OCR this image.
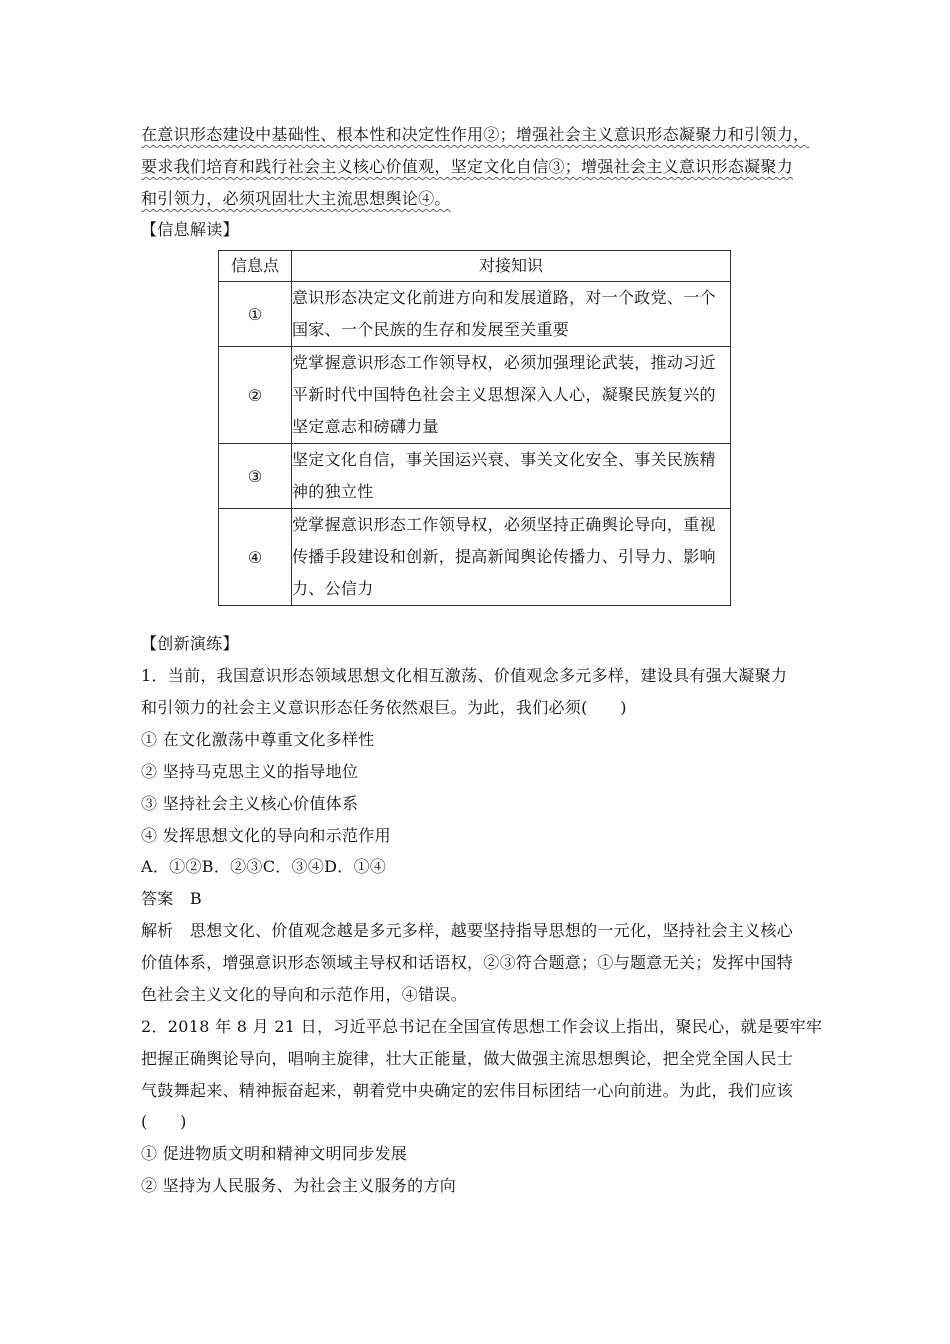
在意识形态建设中基础性、根本性和决定性作用②；增强社会主义意识形态凝聚力和引领力，
要求我们培育和践行社会主义核心价值观，坚定文化自信③；增强社会主义意识形态凝聚力
和引领力，必须巩固壮大主流思想舆论④。
【信息解读】
信息点	对接知识
①	意识形态决定文化前进方向和发展道路，对一个政党、一个国家、一个民族的生存和发展至关重要
②	党掌握意识形态工作领导权，必须加强理论武装，推动习近平新时代中国特色社会主义思想深入人心，凝聚民族复兴的坚定意志和磅礴力量
③	坚定文化自信，事关国运兴衰、事关文化安全、事关民族精神的独立性
④	党掌握意识形态工作领导权，必须坚持正确舆论导向，重视传播手段建设和创新，提高新闻舆论传播力、引导力、影响力、公信力
【创新演练】
1．当前，我国意识形态领域思想文化相互激荡、价值观念多元多样，建设具有强大凝聚力
和引领力的社会主义意识形态任务依然艰巨。为此，我们必须(　　)
① 在文化激荡中尊重文化多样性
② 坚持马克思主义的指导地位
③ 坚持社会主义核心价值体系
④ 发挥思想文化的导向和示范作用
A．①②B．②③C．③④D．①④
答案　B
解析　思想文化、价值观念越是多元多样，越要坚持指导思想的一元化，坚持社会主义核心
价值体系，增强意识形态领域主导权和话语权，②③符合题意；①与题意无关；发挥中国特
色社会主义文化的导向和示范作用，④错误。
2．2018 年 8 月 21 日，习近平总书记在全国宣传思想工作会议上指出，聚民心，就是要牢牢
把握正确舆论导向，唱响主旋律，壮大正能量，做大做强主流思想舆论，把全党全国人民士
气鼓舞起来、精神振奋起来，朝着党中央确定的宏伟目标团结一心向前进。为此，我们应该
(　　)
① 促进物质文明和精神文明同步发展
② 坚持为人民服务、为社会主义服务的方向
